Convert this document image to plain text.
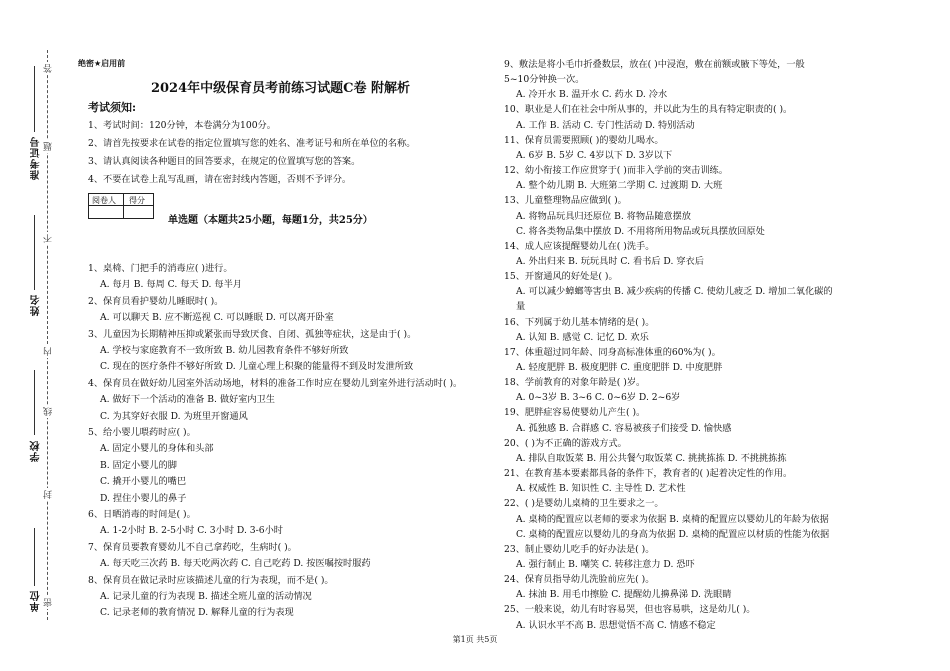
准考证号
姓名
学校
单位
答
题
不
内
线
封
密
绝密★启用前
2024年中级保育员考前练习试题C卷 附解析
考试须知:
1、考试时间：120分钟，本卷满分为100分。
2、请首先按要求在试卷的指定位置填写您的姓名、准考证号和所在单位的名称。
3、请认真阅读各种题目的回答要求，在规定的位置填写您的答案。
4、不要在试卷上乱写乱画，请在密封线内答题，否则不予评分。
阅卷人 得分
单选题（本题共25小题，每题1分，共25分）
1、桌椅、门把手的消毒应( )进行。
A. 每月 B. 每周 C. 每天 D. 每半月
2、保育员看护婴幼儿睡眠时( )。
A. 可以聊天 B. 应不断巡视 C. 可以睡眠 D. 可以离开卧室
3、儿童因为长期精神压抑或紧张而导致厌食、自闭、孤独等症状，这是由于( )。
A. 学校与家庭教育不一致所致 B. 幼儿园教育条件不够好所致
C. 现在的医疗条件不够好所致 D. 儿童心理上积聚的能量得不到及时发泄所致
4、保育员在做好幼儿园室外活动场地，材料的准备工作时应在婴幼儿到室外进行活动时( )。
A. 做好下一个活动的准备 B. 做好室内卫生
C. 为其穿好衣服 D. 为班里开窗通风
5、给小婴儿喂药时应( )。
A. 固定小婴儿的身体和头部
B. 固定小婴儿的脚
C. 撬开小婴儿的嘴巴
D. 捏住小婴儿的鼻子
6、日晒消毒的时间是( )。
A. 1-2小时 B. 2-5小时 C. 3小时 D. 3-6小时
7、保育员要教育婴幼儿不自己拿药吃，生病时( )。
A. 每天吃三次药 B. 每天吃两次药 C. 自己吃药 D. 按医嘱按时服药
8、保育员在做记录时应该描述儿童的行为表现，而不是( )。
A. 记录儿童的行为表现 B. 描述全班儿童的活动情况
C. 记录老师的教育情况 D. 解释儿童的行为表现
9、敷法是将小毛巾折叠数层，放在( )中浸泡，敷在前额或腋下等处，一般
5~10分钟换一次。
A. 冷开水 B. 温开水 C. 药水 D. 冷水
10、职业是人们在社会中所从事的，并以此为生的具有特定职责的( )。
A. 工作 B. 活动 C. 专门性活动 D. 特别活动
11、保育员需要照顾( )的婴幼儿喝水。
A. 6岁 B. 5岁 C. 4岁以下 D. 3岁以下
12、幼小衔接工作应贯穿于( )而非入学前的突击训练。
A. 整个幼儿期 B. 大班第二学期 C. 过渡期 D. 大班
13、儿童整理物品应做到( )。
A. 将物品玩具归还原位 B. 将物品随意摆放
C. 将各类物品集中摆放 D. 不用将所用物品或玩具摆放回原处
14、成人应该提醒婴幼儿在( )洗手。
A. 外出归来 B. 玩玩具时 C. 看书后 D. 穿衣后
15、开窗通风的好处是( )。
A. 可以减少蟑螂等害虫 B. 减少疾病的传播 C. 使幼儿疲乏 D. 增加二氧化碳的
量
16、下列属于幼儿基本情绪的是( )。
A. 认知 B. 感觉 C. 记忆 D. 欢乐
17、体重超过同年龄、同身高标准体重的60%为( )。
A. 轻度肥胖 B. 极度肥胖 C. 重度肥胖 D. 中度肥胖
18、学前教育的对象年龄是( )岁。
A. 0~3岁 B. 3~6 C. 0~6岁 D. 2~6岁
19、肥胖症容易使婴幼儿产生( )。
A. 孤独感 B. 合群感 C. 容易被孩子们接受 D. 愉快感
20、( )为不正确的游戏方式。
A. 排队自取饭菜 B. 用公共餐勺取饭菜 C. 挑挑拣拣 D. 不挑挑拣拣
21、在教育基本要素都具备的条件下，教育者的( )起着决定性的作用。
A. 权威性 B. 知识性 C. 主导性 D. 艺术性
22、( )是婴幼儿桌椅的卫生要求之一。
A. 桌椅的配置应以老师的要求为依据 B. 桌椅的配置应以婴幼儿的年龄为依据
C. 桌椅的配置应以婴幼儿的身高为依据 D. 桌椅的配置应以材质的性能为依据
23、制止婴幼儿吃手的好办法是( )。
A. 强行制止 B. 嘲笑 C. 转移注意力 D. 恐吓
24、保育员指导幼儿洗脸前应先( )。
A. 抹油 B. 用毛巾擦脸 C. 提醒幼儿擤鼻涕 D. 洗眼睛
25、一般来说，幼儿有时容易哭，但也容易哄，这是幼儿( )。
A. 认识水平不高 B. 思想觉悟不高 C. 情感不稳定
第1页 共5页
